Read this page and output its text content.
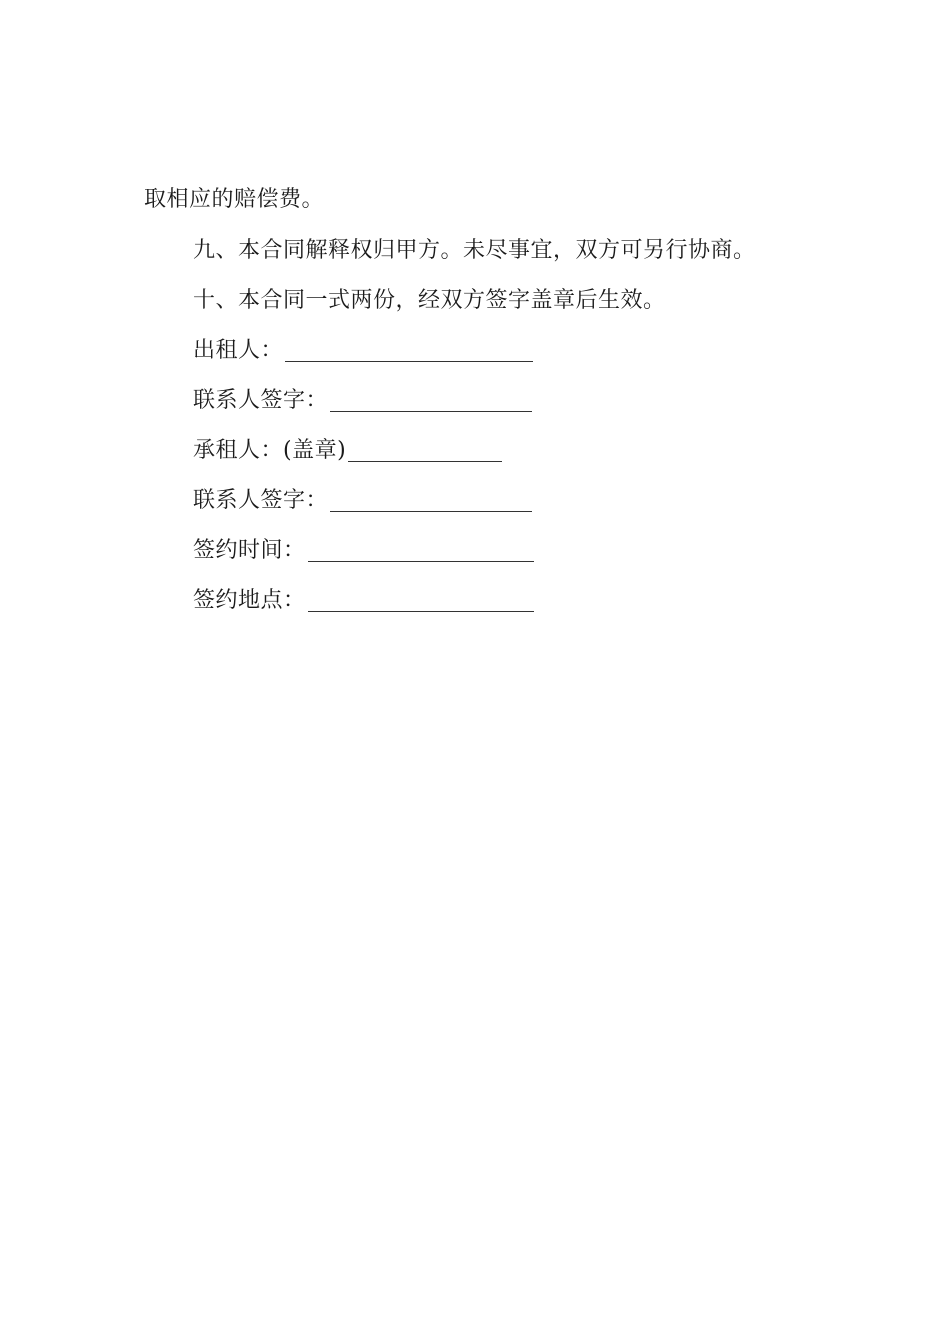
取相应的赔偿费。
九、本合同解释权归甲方。未尽事宜，双方可另行协商。
十、本合同一式两份，经双方签字盖章后生效。
出租人：
联系人签字：
承租人：(盖章)
联系人签字：
签约时间：
签约地点：
